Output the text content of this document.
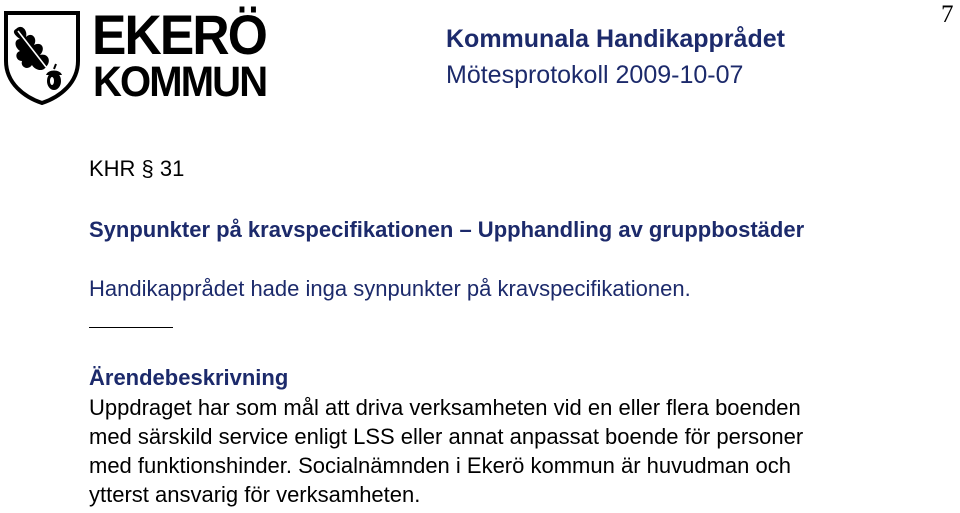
EKERÖ
KOMMUN
Kommunala Handikapprådet
Mötesprotokoll 2009-10-07
7
KHR § 31
Synpunkter på kravspecifikationen – Upphandling av gruppbostäder
Handikapprådet hade inga synpunkter på kravspecifikationen.
Ärendebeskrivning
Uppdraget har som mål att driva verksamheten vid en eller flera boenden
med särskild service enligt LSS eller annat anpassat boende för personer
med funktionshinder. Socialnämnden i Ekerö kommun är huvudman och
ytterst ansvarig för verksamheten.
